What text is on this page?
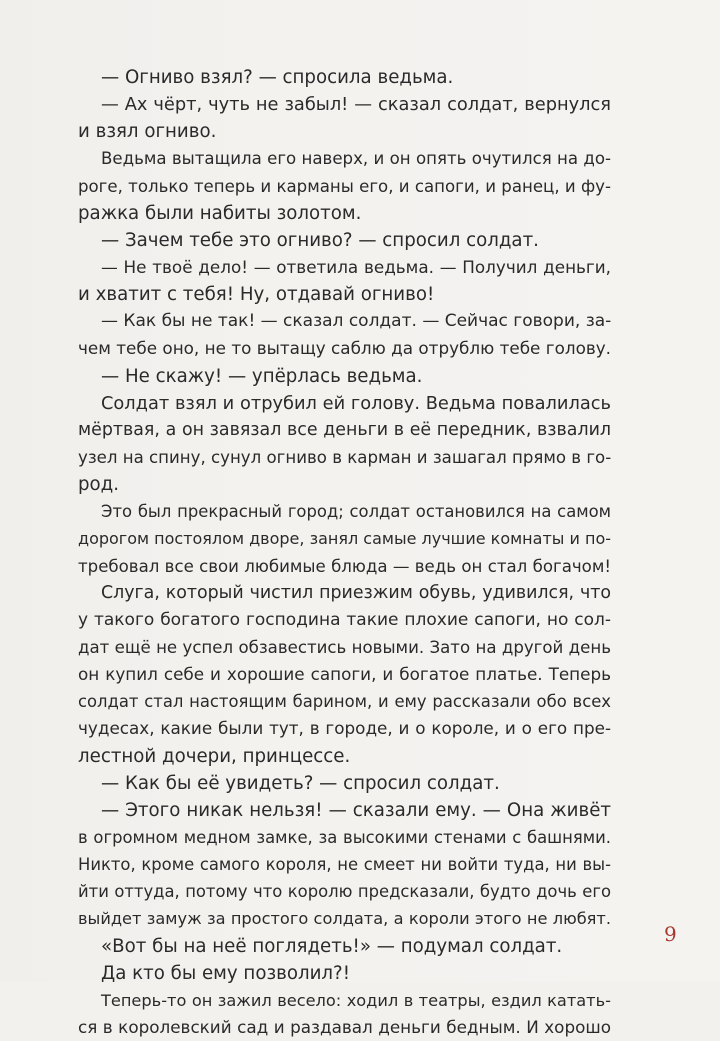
— Огниво взял? — спросила ведьма.
— Ах чёрт, чуть не забыл! — сказал солдат, вернулся
и взял огниво.
Ведьма вытащила его наверх, и он опять очутился на до-
роге, только теперь и карманы его, и сапоги, и ранец, и фу-
ражка были набиты золотом.
— Зачем тебе это огниво? — спросил солдат.
— Не твоё дело! — ответила ведьма. — Получил деньги,
и хватит с тебя! Ну, отдавай огниво!
— Как бы не так! — сказал солдат. — Сейчас говори, за-
чем тебе оно, не то вытащу саблю да отрублю тебе голову.
— Не скажу! — упёрлась ведьма.
Солдат взял и отрубил ей голову. Ведьма повалилась
мёртвая, а он завязал все деньги в её передник, взвалил
узел на спину, сунул огниво в карман и зашагал прямо в го-
род.
Это был прекрасный город; солдат остановился на самом
дорогом постоялом дворе, занял самые лучшие комнаты и по-
требовал все свои любимые блюда — ведь он стал богачом!
Слуга, который чистил приезжим обувь, удивился, что
у такого богатого господина такие плохие сапоги, но сол-
дат ещё не успел обзавестись новыми. Зато на другой день
он купил себе и хорошие сапоги, и богатое платье. Теперь
солдат стал настоящим барином, и ему рассказали обо всех
чудесах, какие были тут, в городе, и о короле, и о его пре-
лестной дочери, принцессе.
— Как бы её увидеть? — спросил солдат.
— Этого никак нельзя! — сказали ему. — Она живёт
в огромном медном замке, за высокими стенами с башнями.
Никто, кроме самого короля, не смеет ни войти туда, ни вы-
йти оттуда, потому что королю предсказали, будто дочь его
выйдет замуж за простого солдата, а короли этого не любят.
«Вот бы на неё поглядеть!» — подумал солдат.
Да кто бы ему позволил?!
Теперь-то он зажил весело: ходил в театры, ездил катать-
ся в королевский сад и раздавал деньги бедным. И хорошо
9
